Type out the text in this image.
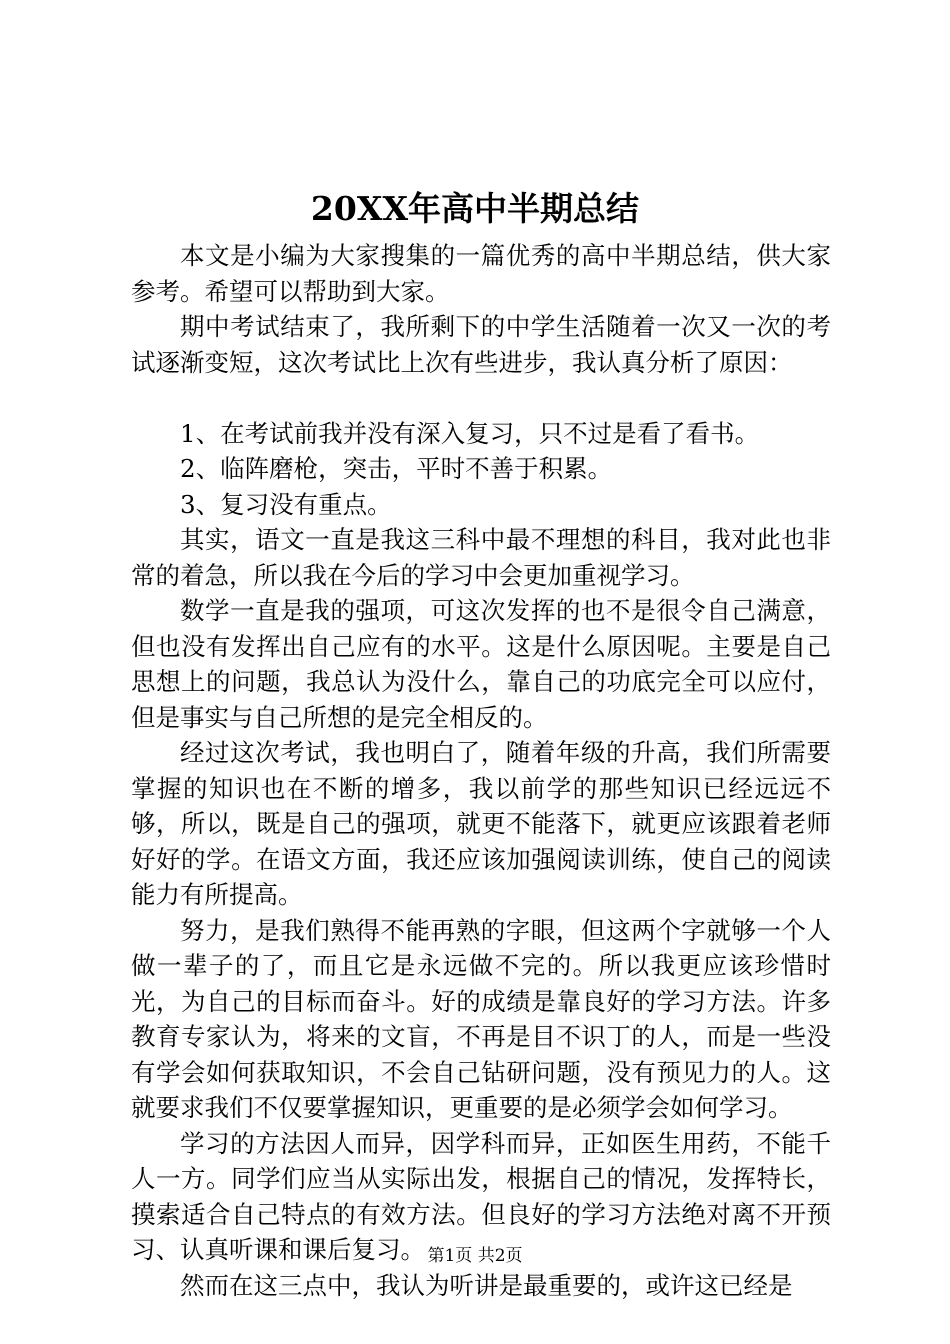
20XX年高中半期总结

本文是小编为大家搜集的一篇优秀的高中半期总结，供大家参考。希望可以帮助到大家。

期中考试结束了，我所剩下的中学生活随着一次又一次的考试逐渐变短，这次考试比上次有些进步，我认真分析了原因：

1、在考试前我并没有深入复习，只不过是看了看书。

2、临阵磨枪，突击，平时不善于积累。

3、复习没有重点。

其实，语文一直是我这三科中最不理想的科目，我对此也非常的着急，所以我在今后的学习中会更加重视学习。

数学一直是我的强项，可这次发挥的也不是很令自己满意，但也没有发挥出自己应有的水平。这是什么原因呢。主要是自己思想上的问题，我总认为没什么，靠自己的功底完全可以应付，但是事实与自己所想的是完全相反的。

经过这次考试，我也明白了，随着年级的升高，我们所需要掌握的知识也在不断的增多，我以前学的那些知识已经远远不够，所以，既是自己的强项，就更不能落下，就更应该跟着老师好好的学。在语文方面，我还应该加强阅读训练，使自己的阅读能力有所提高。

努力，是我们熟得不能再熟的字眼，但这两个字就够一个人做一辈子的了，而且它是永远做不完的。所以我更应该珍惜时光，为自己的目标而奋斗。好的成绩是靠良好的学习方法。许多教育专家认为，将来的文盲，不再是目不识丁的人，而是一些没有学会如何获取知识，不会自己钻研问题，没有预见力的人。这就要求我们不仅要掌握知识，更重要的是必须学会如何学习。

学习的方法因人而异，因学科而异，正如医生用药，不能千人一方。同学们应当从实际出发，根据自己的情况，发挥特长，摸索适合自己特点的有效方法。但良好的学习方法绝对离不开预习、认真听课和课后复习。

然而在这三点中，我认为听讲是最重要的，或许这已经是

第1页 共2页
